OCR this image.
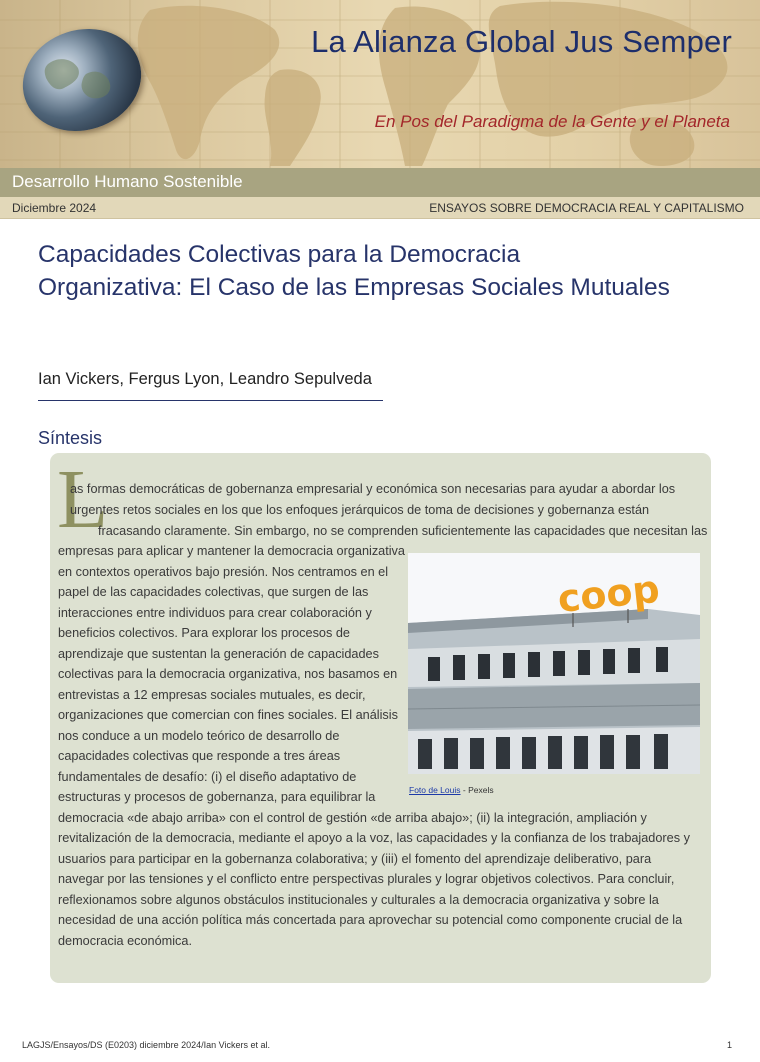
La Alianza Global Jus Semper
En Pos del Paradigma de la Gente y el Planeta
Desarrollo Humano Sostenible
Diciembre 2024	ENSAYOS SOBRE DEMOCRACIA REAL Y CAPITALISMO
Capacidades Colectivas para la Democracia
Organizativa: El Caso de las Empresas Sociales Mutuales
Ian Vickers, Fergus Lyon, Leandro Sepulveda
Síntesis
L
as formas democráticas de gobernanza empresarial y económica son necesarias para ayudar a abordar los
urgentes retos sociales en los que los enfoques jerárquicos de toma de decisiones y gobernanza están
fracasando claramente. Sin embargo, no se comprenden suficientemente las capacidades que necesitan las
empresas para aplicar y mantener la democracia organizativa
en contextos operativos bajo presión. Nos centramos en el
papel de las capacidades colectivas, que surgen de las
interacciones entre individuos para crear colaboración y
beneficios colectivos. Para explorar los procesos de
aprendizaje que sustentan la generación de capacidades
colectivas para la democracia organizativa, nos basamos en
entrevistas a 12 empresas sociales mutuales, es decir,
organizaciones que comercian con fines sociales. El análisis
nos conduce a un modelo teórico de desarrollo de
capacidades colectivas que responde a tres áreas
fundamentales de desafío: (i) el diseño adaptativo de
estructuras y procesos de gobernanza, para equilibrar la
democracia «de abajo arriba» con el control de gestión «de arriba abajo»; (ii) la integración, ampliación y
revitalización de la democracia, mediante el apoyo a la voz, las capacidades y la confianza de los trabajadores y
usuarios para participar en la gobernanza colaborativa; y (iii) el fomento del aprendizaje deliberativo, para
navegar por las tensiones y el conflicto entre perspectivas plurales y lograr objetivos colectivos. Para concluir,
reflexionamos sobre algunos obstáculos institucionales y culturales a la democracia organizativa y sobre la
necesidad de una acción política más concertada para aprovechar su potencial como componente crucial de la
democracia económica.
coop
Foto de Louis - Pexels
LAGJS/Ensayos/DS (E0203) diciembre 2024/Ian Vickers et al.	1
